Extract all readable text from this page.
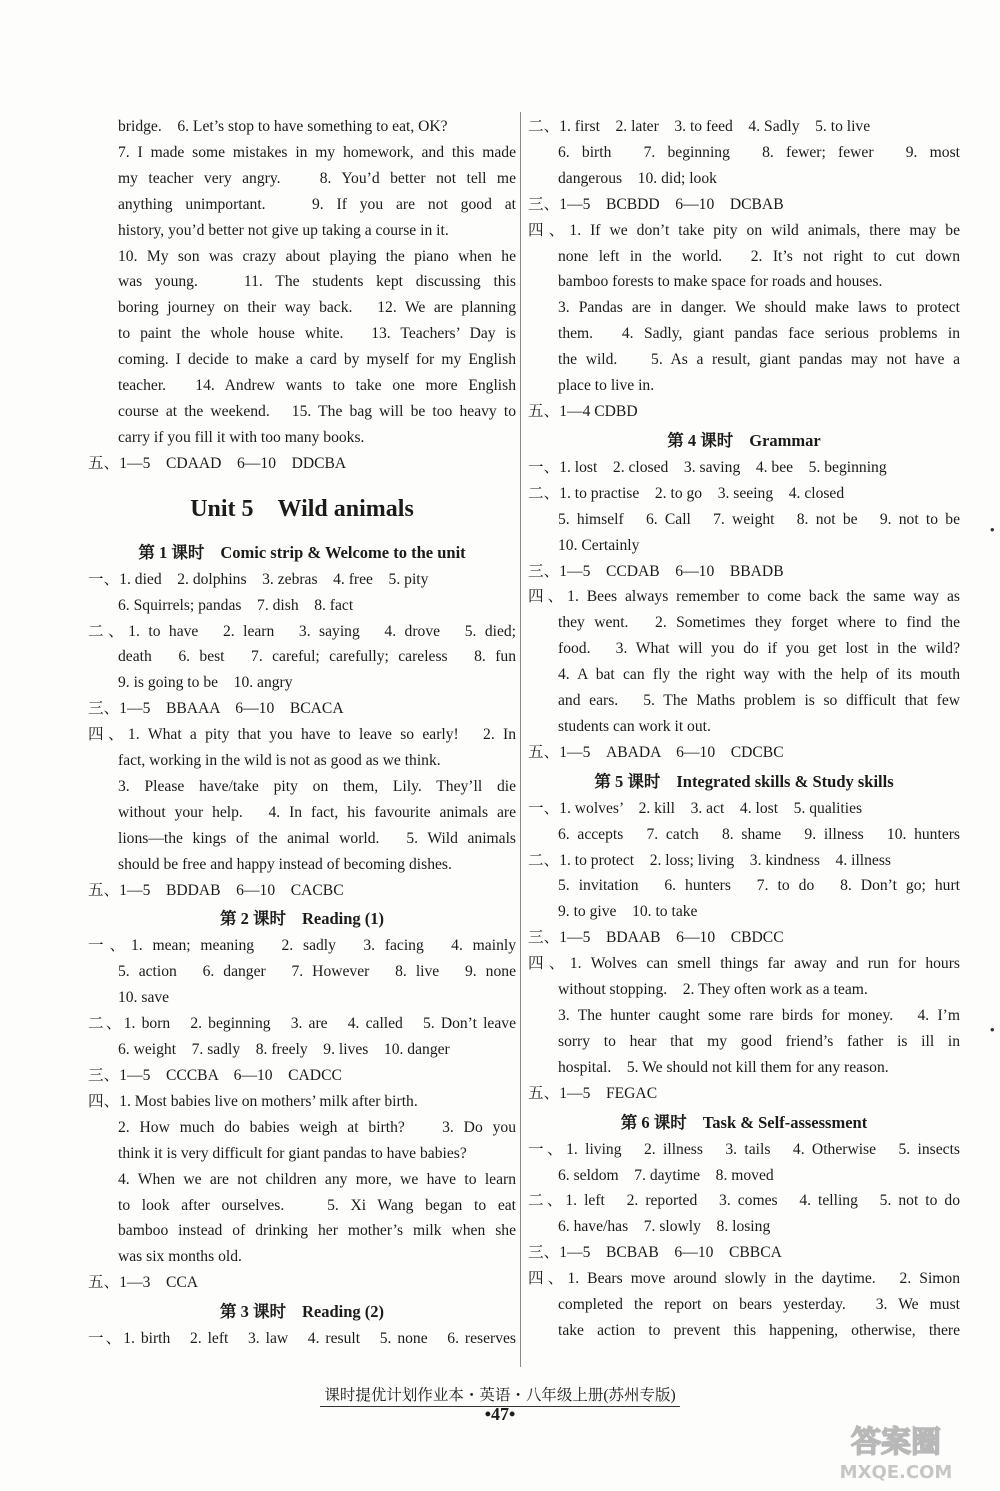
bridge.　6. Let’s stop to have something to eat, OK?
7. I made some mistakes in my homework, and this made
my teacher very angry.　 8. You’d better not tell me
anything unimportant.　 9. If you are not good at
history, you’d better not give up taking a course in it.
10. My son was crazy about playing the piano when he
was young.　 11. The students kept discussing this
boring journey on their way back.　12. We are planning
to paint the whole house white.　13. Teachers’ Day is
coming. I decide to make a card by myself for my English
teacher.　14. Andrew wants to take one more English
course at the weekend.　15. The bag will be too heavy to
carry if you fill it with too many books.
五、1—5　CDAAD　6—10　DDCBA
Unit 5　Wild animals
第 1 课时 Comic strip & Welcome to the unit
一、1. died　2. dolphins　3. zebras　4. free　5. pity
6. Squirrels; pandas　7. dish　8. fact
二、1. to have　2. learn　3. saying　4. drove　5. died;
death　6. best　7. careful; carefully; careless　8. fun
9. is going to be　10. angry
三、1—5　BBAAA　6—10　BCACA
四、1. What a pity that you have to leave so early!　2. In
fact, working in the wild is not as good as we think.
3. Please have/take pity on them, Lily. They’ll die
without your help.　4. In fact, his favourite animals are
lions—the kings of the animal world.　5. Wild animals
should be free and happy instead of becoming dishes.
五、1—5　BDDAB　6—10　CACBC
第 2 课时 Reading (1)
一、1. mean; meaning　2. sadly　3. facing　4. mainly
5. action　6. danger　7. However　8. live　9. none
10. save
二、1. born　2. beginning　3. are　4. called　5. Don’t leave
6. weight　7. sadly　8. freely　9. lives　10. danger
三、1—5　CCCBA　6—10　CADCC
四、1. Most babies live on mothers’ milk after birth.
2. How much do babies weigh at birth?　 3. Do you
think it is very difficult for giant pandas to have babies?
4. When we are not children any more, we have to learn
to look after ourselves.　 5. Xi Wang began to eat
bamboo instead of drinking her mother’s milk when she
was six months old.
五、1—3　CCA
第 3 课时 Reading (2)
一、1. birth　2. left　3. law　4. result　5. none　6. reserves
二、1. first　2. later　3. to feed　4. Sadly　5. to live
6. birth　7. beginning　8. fewer; fewer　9. most
dangerous　10. did; look
三、1—5　BCBDD　6—10　DCBAB
四、1. If we don’t take pity on wild animals, there may be
none left in the world.　2. It’s not right to cut down
bamboo forests to make space for roads and houses.
3. Pandas are in danger. We should make laws to protect
them.　4. Sadly, giant pandas face serious problems in
the wild.　 5. As a result, giant pandas may not have a
place to live in.
五、1—4 CDBD
第 4 课时 Grammar
一、1. lost　2. closed　3. saving　4. bee　5. beginning
二、1. to practise　2. to go　3. seeing　4. closed
5. himself　6. Call　7. weight　8. not be　9. not to be
10. Certainly
三、1—5　CCDAB　6—10　BBADB
四、1. Bees always remember to come back the same way as
they went.　2. Sometimes they forget where to find the
food.　3. What will you do if you get lost in the wild?
4. A bat can fly the right way with the help of its mouth
and ears.　5. The Maths problem is so difficult that few
students can work it out.
五、1—5　ABADA　6—10　CDCBC
第 5 课时 Integrated skills & Study skills
一、1. wolves’　2. kill　3. act　4. lost　5. qualities
6. accepts　7. catch　8. shame　9. illness　10. hunters
二、1. to protect　2. loss; living　3. kindness　4. illness
5. invitation　6. hunters　7. to do　8. Don’t go; hurt
9. to give　10. to take
三、1—5　BDAAB　6—10　CBDCC
四、1. Wolves can smell things far away and run for hours
without stopping.　2. They often work as a team.
3. The hunter caught some rare birds for money.　4. I’m
sorry to hear that my good friend’s father is ill in
hospital.　5. We should not kill them for any reason.
五、1—5　FEGAC
第 6 课时 Task & Self-assessment
一、1. living　2. illness　3. tails　4. Otherwise　5. insects
6. seldom　7. daytime　8. moved
二、1. left　2. reported　3. comes　4. telling　5. not to do
6. have/has　7. slowly　8. losing
三、1—5　BCBAB　6—10　CBBCA
四、1. Bears move around slowly in the daytime.　2. Simon
completed the report on bears yesterday.　3. We must
take action to prevent this happening, otherwise, there
•
•
课时提优计划作业本・英语・八年级上册(苏州专版)
•47•
答案圈
MXQE.COM
